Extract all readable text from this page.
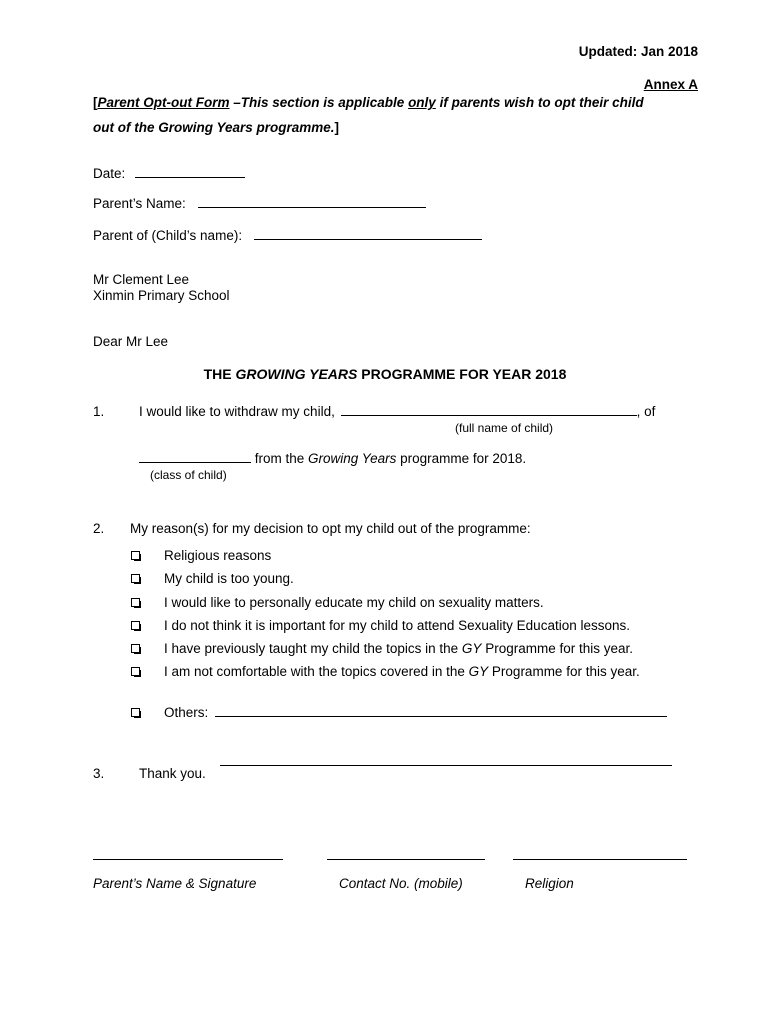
Updated: Jan 2018
Annex A
[Parent Opt-out Form –This section is applicable only if parents wish to opt their child
out of the Growing Years programme.]
Date:
Parent’s Name:
Parent of (Child’s name):
Mr Clement Lee
Xinmin Primary School
Dear Mr Lee
THE GROWING YEARS PROGRAMME FOR YEAR 2018
1.	I would like to withdraw my child,	, of
(full name of child)
from the Growing Years programme for 2018.
(class of child)
2. My reason(s) for my decision to opt my child out of the programme:
Religious reasons
My child is too young.
I would like to personally educate my child on sexuality matters.
I do not think it is important for my child to attend Sexuality Education lessons.
I have previously taught my child the topics in the GY Programme for this year.
I am not comfortable with the topics covered in the GY Programme for this year.
Others:
3.	Thank you.
Parent’s Name & Signature	Contact No. (mobile)	Religion
